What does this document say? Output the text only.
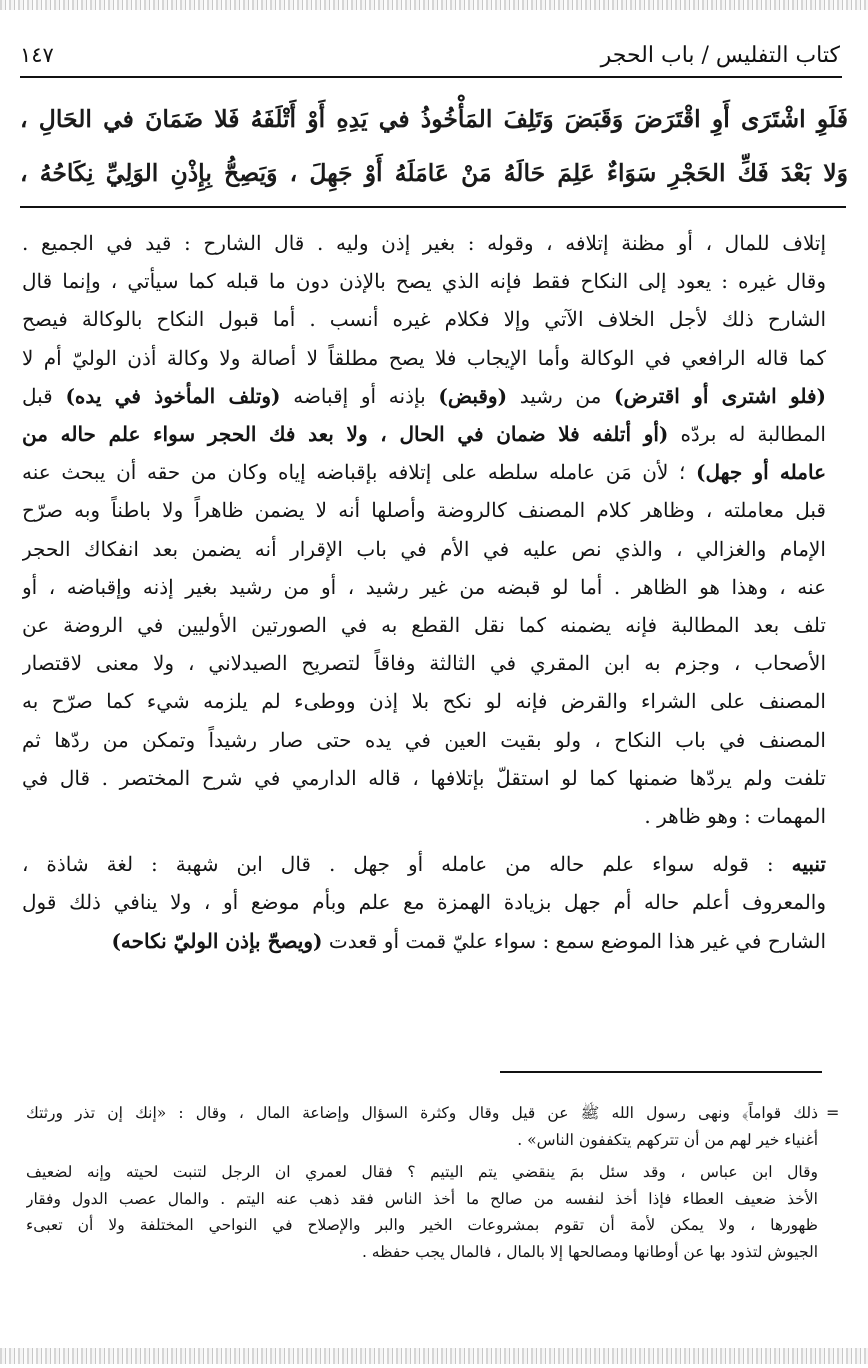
كتاب التفليس / باب الحجر
١٤٧
فَلَوِ اشْتَرَى أَوِ اقْتَرَضَ وَقَبَضَ وَتَلِفَ المَأْخُوذُ في يَدِهِ أَوْ أَتْلَفَهُ فَلا ضَمَانَ في الحَالِ ،
وَلا بَعْدَ فَكِّ الحَجْرِ سَوَاءٌ عَلِمَ حَالَهُ مَنْ عَامَلَهُ أَوْ جَهِلَ ، وَيَصِحُّ بِإِذْنِ الوَلِيِّ نِكَاحُهُ ،
إتلاف للمال ، أو مظنة إتلافه ، وقوله : بغير إذن وليه . قال الشارح : قيد في الجميع .
وقال غيره : يعود إلى النكاح فقط فإنه الذي يصح بالإذن دون ما قبله كما سيأتي ، وإنما قال
الشارح ذلك لأجل الخلاف الآتي وإلا فكلام غيره أنسب . أما قبول النكاح بالوكالة فيصح
كما قاله الرافعي في الوكالة وأما الإيجاب فلا يصح مطلقاً لا أصالة ولا وكالة أذن الوليّ أم لا
(فلو اشترى أو اقترض) من رشيد (وقبض) بإذنه أو إقباضه (وتلف المأخوذ في يده) قبل
المطالبة له بردّه (أو أتلفه فلا ضمان في الحال ، ولا بعد فك الحجر سواء علم حاله من
عامله أو جهل) ؛ لأن مَن عامله سلطه على إتلافه بإقباضه إياه وكان من حقه أن يبحث عنه
قبل معاملته ، وظاهر كلام المصنف كالروضة وأصلها أنه لا يضمن ظاهراً ولا باطناً وبه صرّح
الإمام والغزالي ، والذي نص عليه في الأم في باب الإقرار أنه يضمن بعد انفكاك الحجر
عنه ، وهذا هو الظاهر . أما لو قبضه من غير رشيد ، أو من رشيد بغير إذنه وإقباضه ، أو
تلف بعد المطالبة فإنه يضمنه كما نقل القطع به في الصورتين الأوليين في الروضة عن
الأصحاب ، وجزم به ابن المقري في الثالثة وفاقاً لتصريح الصيدلاني ، ولا معنى لاقتصار
المصنف على الشراء والقرض فإنه لو نكح بلا إذن ووطىء لم يلزمه شيء كما صرّح به
المصنف في باب النكاح ، ولو بقيت العين في يده حتى صار رشيداً وتمكن من ردّها ثم
تلفت ولم يردّها ضمنها كما لو استقلّ بإتلافها ، قاله الدارمي في شرح المختصر . قال في
المهمات : وهو ظاهر .
تنبيه : قوله سواء علم حاله من عامله أو جهل . قال ابن شهبة : لغة شاذة ،
والمعروف أعلم حاله أم جهل بزيادة الهمزة مع علم وبأم موضع أو ، ولا ينافي ذلك قول
الشارح في غير هذا الموضع سمع : سواء عليّ قمت أو قعدت (ويصحّ بإذن الوليّ نكاحه)
=
ذلك قواماً﴾ ونهى رسول الله ﷺ عن قيل وقال وكثرة السؤال وإضاعة المال ، وقال : «إنك إن تذر ورثتك
أغنياء خير لهم من أن تتركهم يتكففون الناس» .
وقال ابن عباس ، وقد سئل بمَ ينقضي يتم اليتيم ؟ فقال لعمري ان الرجل لتنبت لحيته وإنه لضعيف
الأخذ ضعيف العطاء فإذا أخذ لنفسه من صالح ما أخذ الناس فقد ذهب عنه اليتم . والمال عصب الدول وفقار
ظهورها ، ولا يمكن لأمة أن تقوم بمشروعات الخير والبر والإصلاح في النواحي المختلفة ولا أن تعبىء
الجيوش لتذود بها عن أوطانها ومصالحها إلا بالمال ، فالمال يجب حفظه .
